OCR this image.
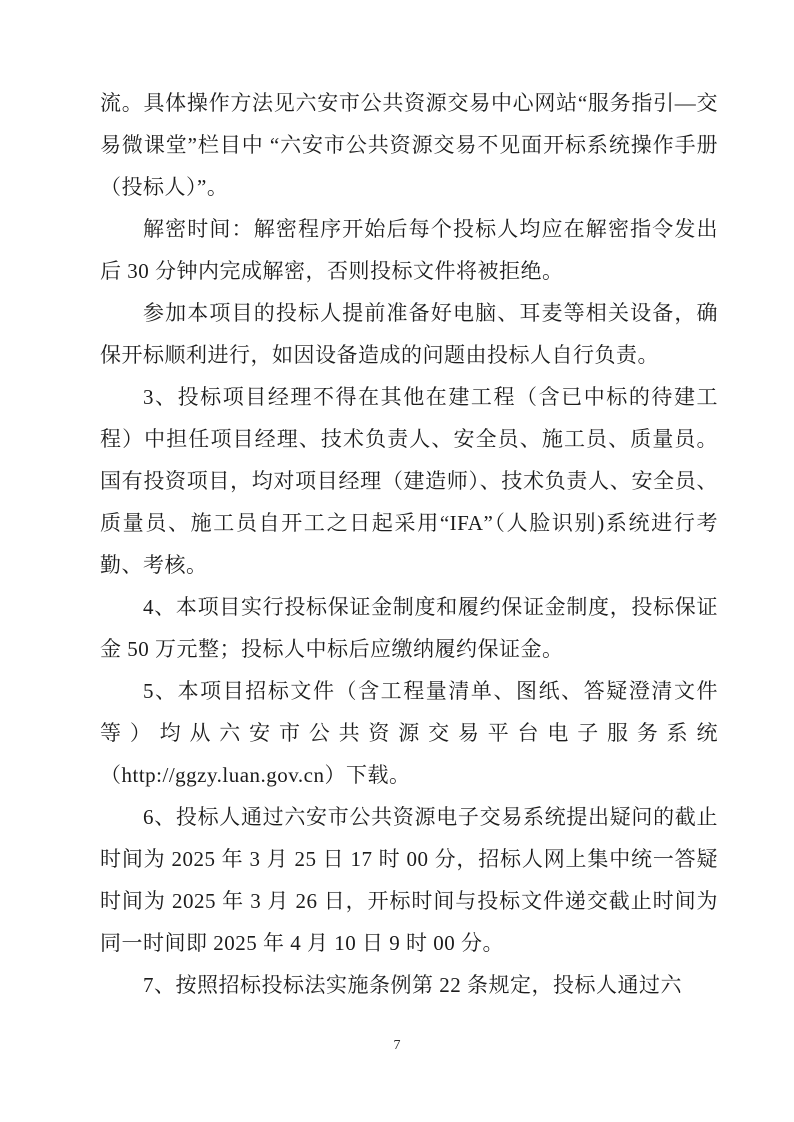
流。具体操作方法见六安市公共资源交易中心网站“服务指引—交易微课堂”栏目中 “六安市公共资源交易不见面开标系统操作手册（投标人）”。

解密时间：解密程序开始后每个投标人均应在解密指令发出后 30 分钟内完成解密，否则投标文件将被拒绝。

参加本项目的投标人提前准备好电脑、耳麦等相关设备，确保开标顺利进行，如因设备造成的问题由投标人自行负责。

3、投标项目经理不得在其他在建工程（含已中标的待建工程）中担任项目经理、技术负责人、安全员、施工员、质量员。国有投资项目，均对项目经理（建造师）、技术负责人、安全员、质量员、施工员自开工之日起采用“IFA”（人脸识别)系统进行考勤、考核。

4、本项目实行投标保证金制度和履约保证金制度，投标保证金 50 万元整；投标人中标后应缴纳履约保证金。

5、本项目招标文件（含工程量清单、图纸、答疑澄清文件等）均从六安市公共资源交易平台电子服务系统（http://ggzy.luan.gov.cn）下载。

6、投标人通过六安市公共资源电子交易系统提出疑问的截止时间为 2025 年 3 月 25 日 17 时 00 分，招标人网上集中统一答疑时间为 2025 年 3 月 26 日，开标时间与投标文件递交截止时间为同一时间即 2025 年 4 月 10 日 9 时 00 分。

7、按照招标投标法实施条例第 22 条规定，投标人通过六

7
